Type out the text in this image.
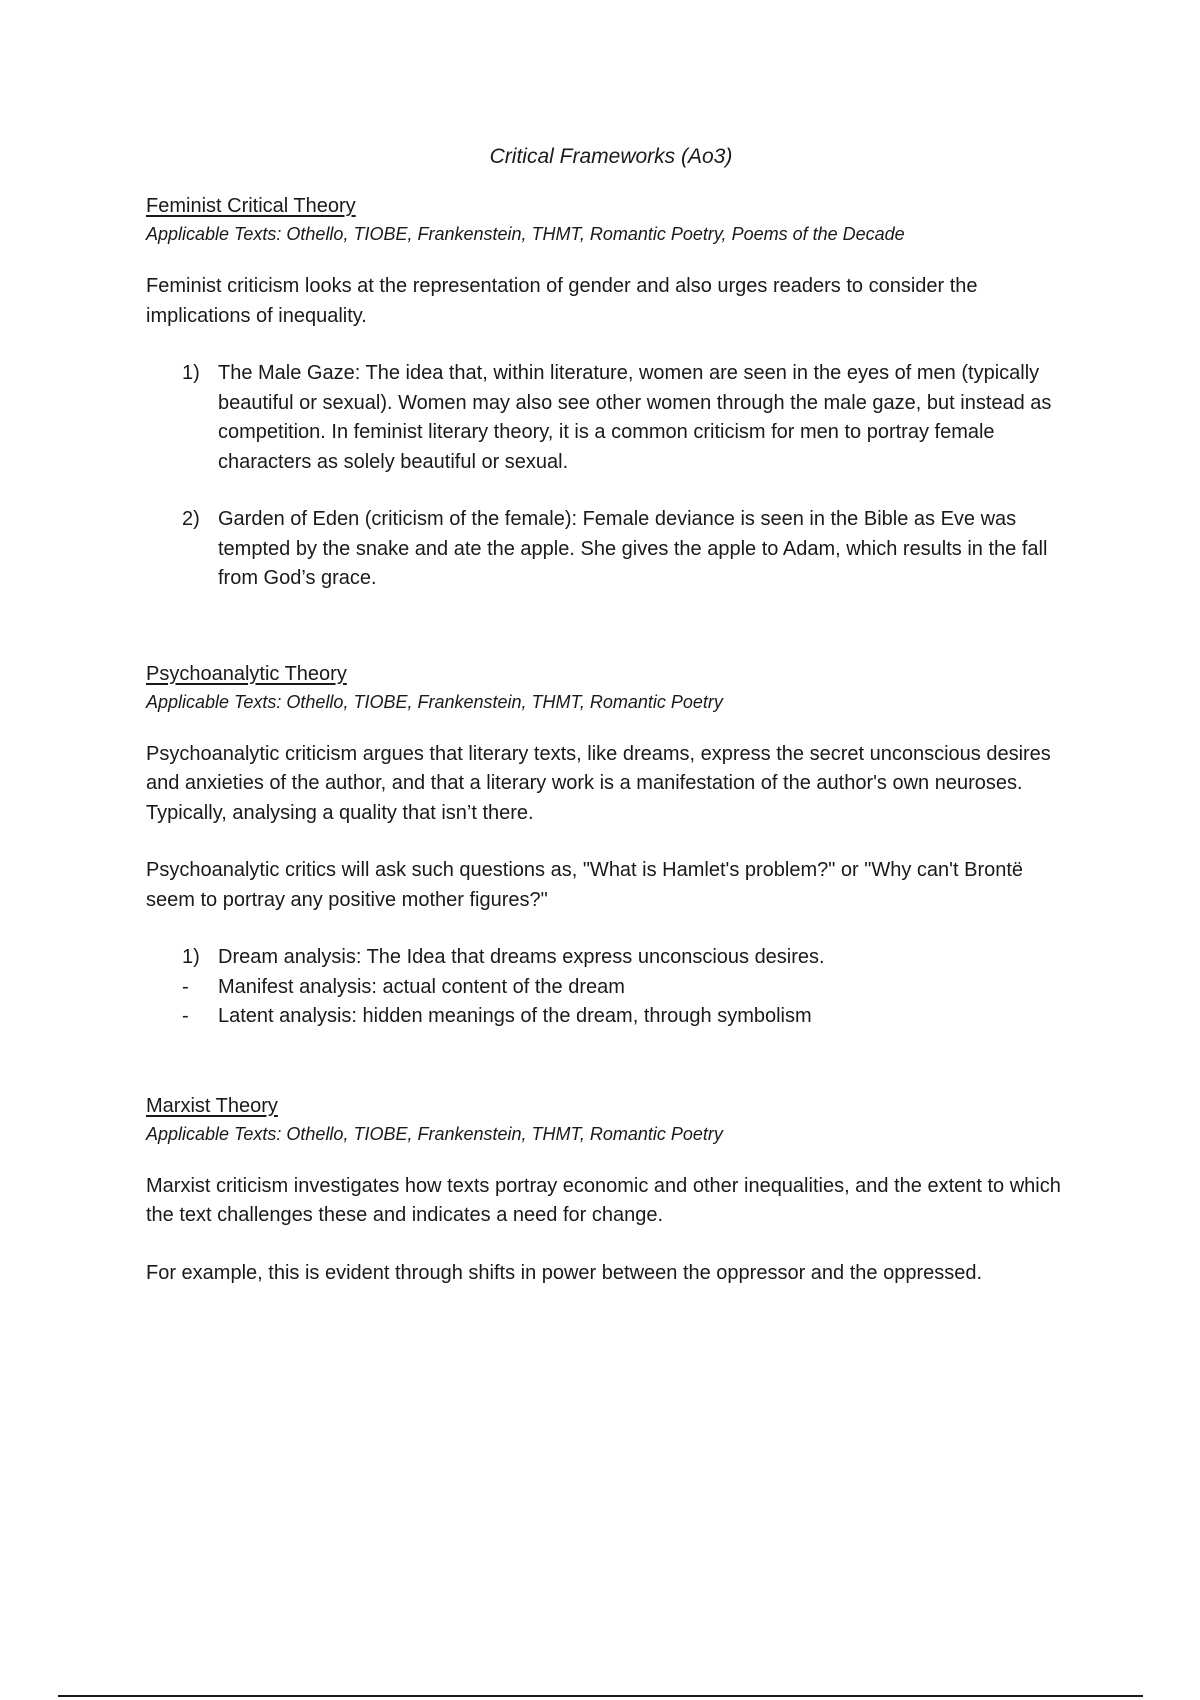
Critical Frameworks (Ao3)
Feminist Critical Theory
Applicable Texts: Othello, TIOBE, Frankenstein, THMT, Romantic Poetry, Poems of the Decade

Feminist criticism looks at the representation of gender and also urges readers to consider the implications of inequality.

1) The Male Gaze: The idea that, within literature, women are seen in the eyes of men (typically beautiful or sexual). Women may also see other women through the male gaze, but instead as competition. In feminist literary theory, it is a common criticism for men to portray female characters as solely beautiful or sexual.
2) Garden of Eden (criticism of the female): Female deviance is seen in the Bible as Eve was tempted by the snake and ate the apple. She gives the apple to Adam, which results in the fall from God’s grace.
Psychoanalytic Theory
Applicable Texts: Othello, TIOBE, Frankenstein, THMT, Romantic Poetry

Psychoanalytic criticism argues that literary texts, like dreams, express the secret unconscious desires and anxieties of the author, and that a literary work is a manifestation of the author's own neuroses. Typically, analysing a quality that isn’t there.

Psychoanalytic critics will ask such questions as, "What is Hamlet's problem?" or "Why can't Brontë seem to portray any positive mother figures?"

1) Dream analysis: The Idea that dreams express unconscious desires.
- Manifest analysis: actual content of the dream
- Latent analysis: hidden meanings of the dream, through symbolism
Marxist Theory
Applicable Texts: Othello, TIOBE, Frankenstein, THMT, Romantic Poetry

Marxist criticism investigates how texts portray economic and other inequalities, and the extent to which the text challenges these and indicates a need for change.

For example, this is evident through shifts in power between the oppressor and the oppressed.
